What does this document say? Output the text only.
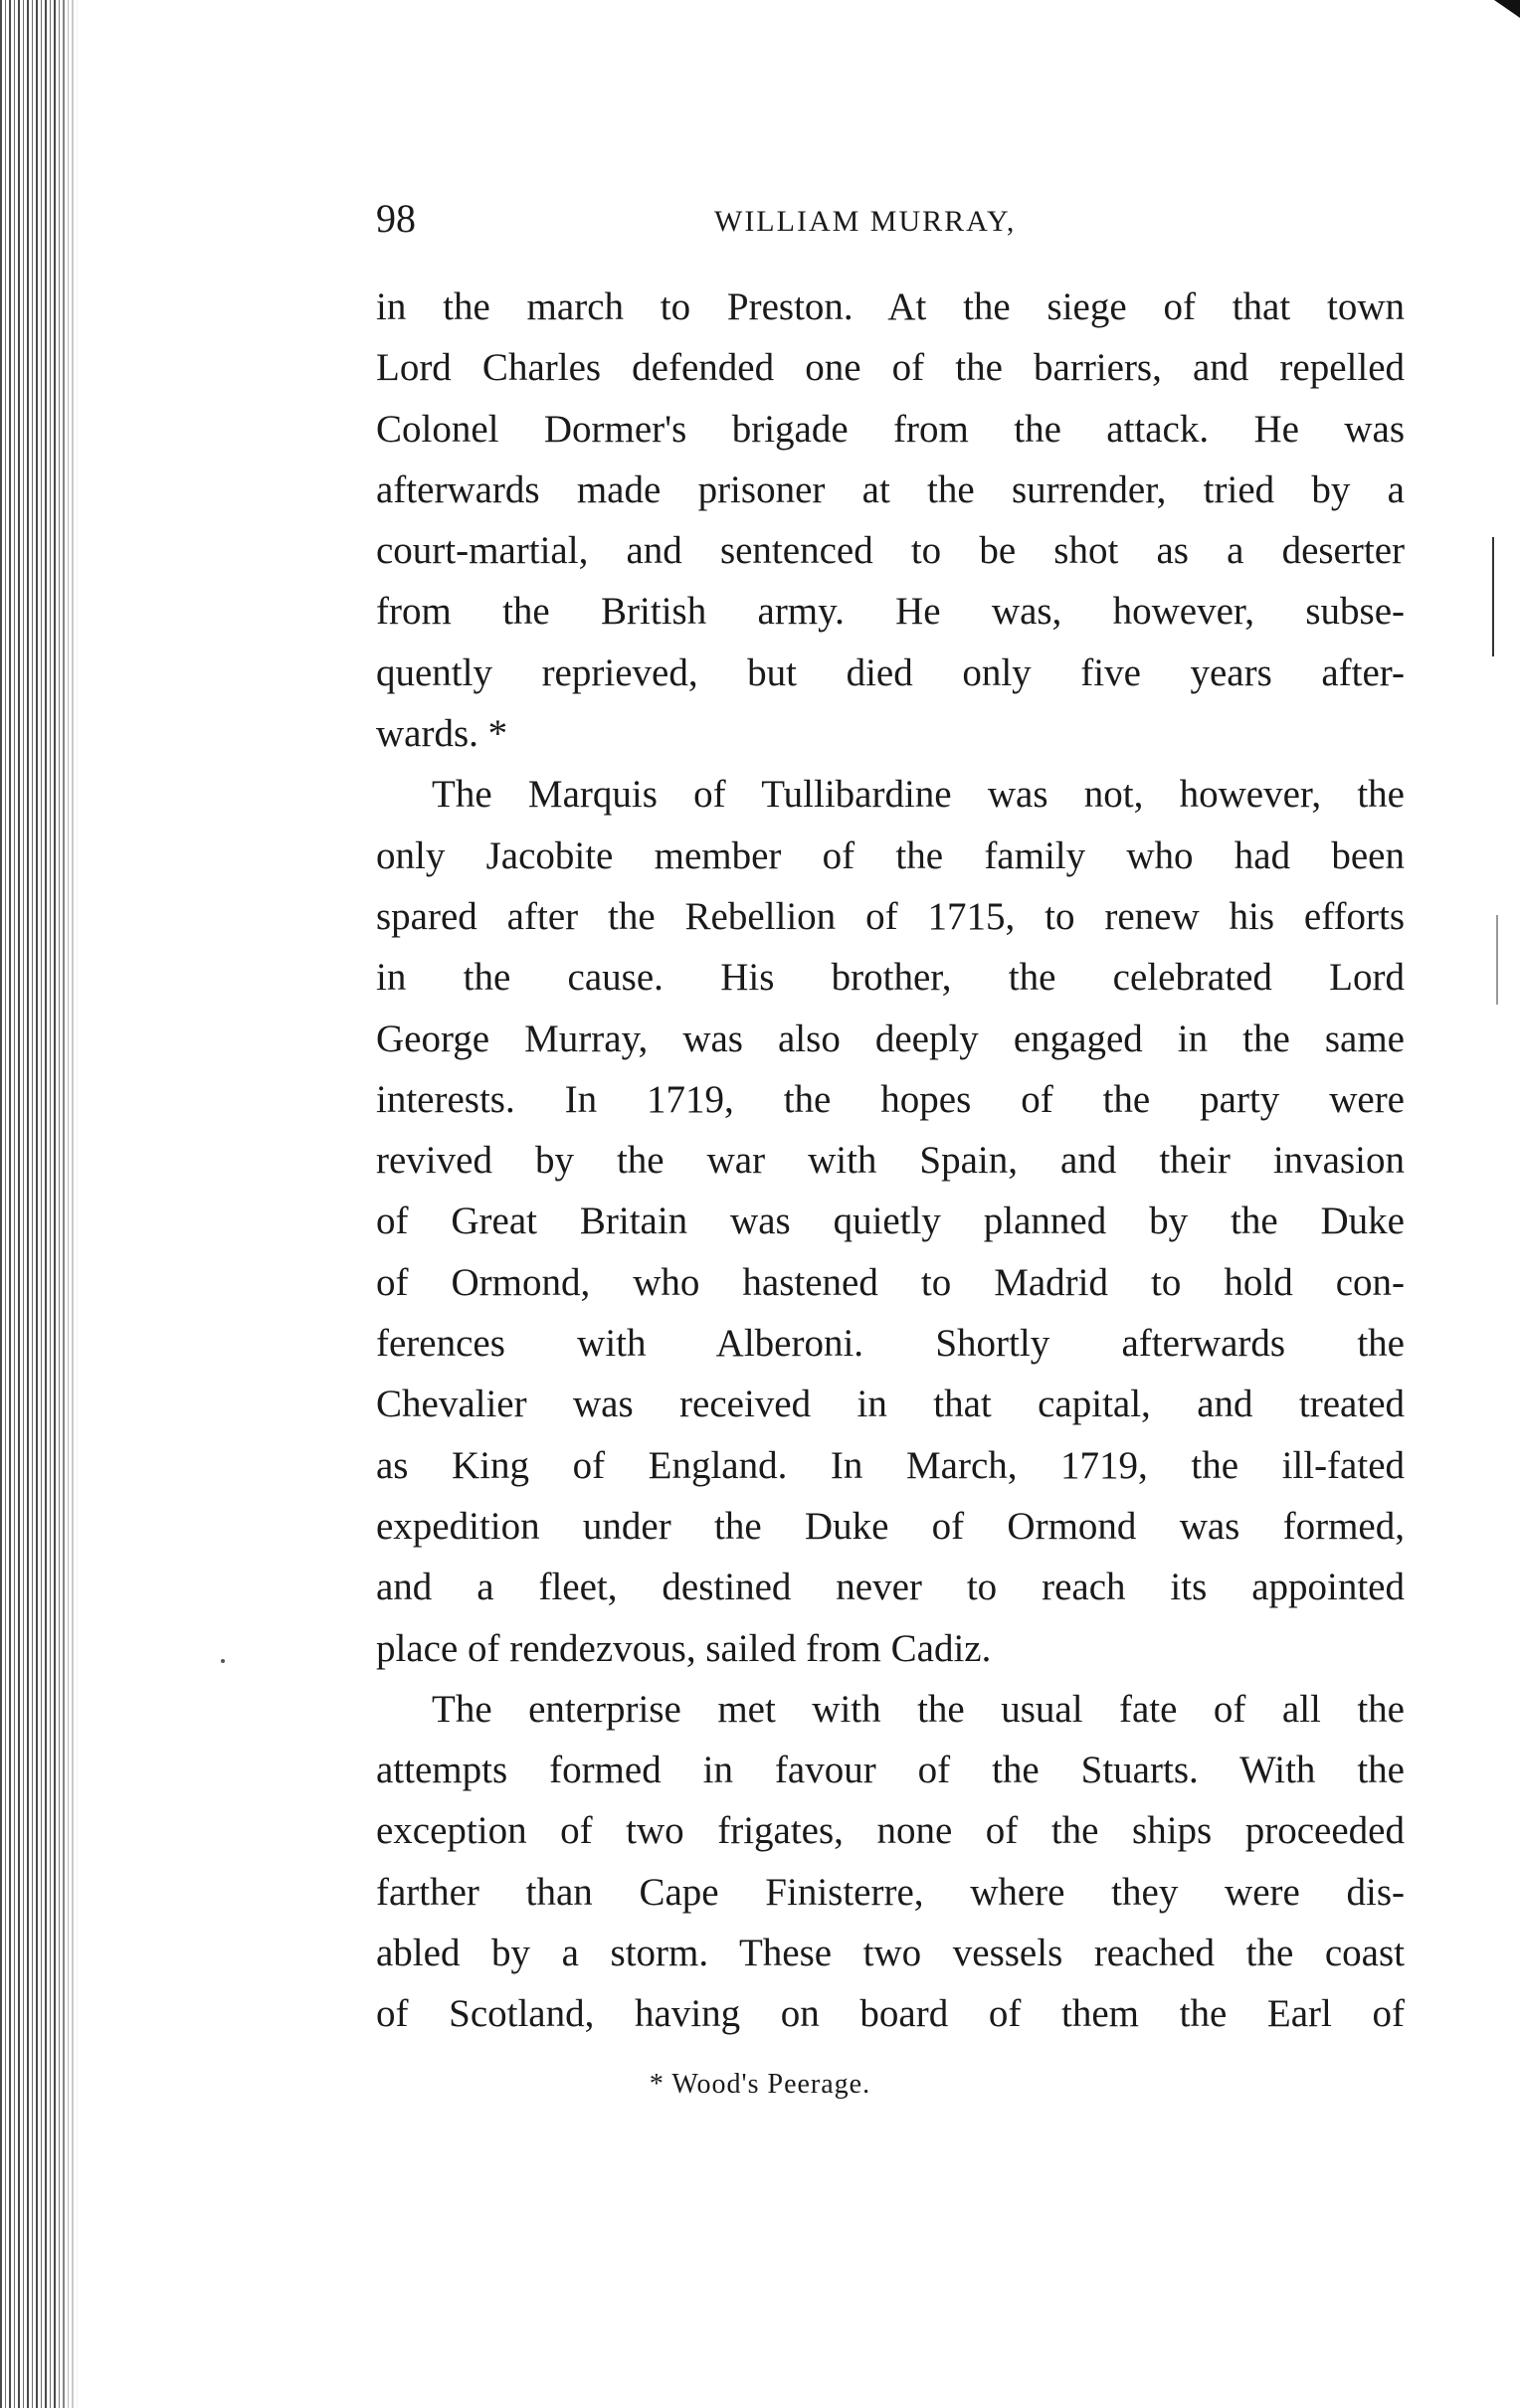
98	WILLIAM MURRAY,
in the march to Preston. At the siege of that town
Lord Charles defended one of the barriers, and repelled
Colonel Dormer's brigade from the attack. He was
afterwards made prisoner at the surrender, tried by a
court-martial, and sentenced to be shot as a deserter
from the British army. He was, however, subse-
quently reprieved, but died only five years after-
wards. *
The Marquis of Tullibardine was not, however, the
only Jacobite member of the family who had been
spared after the Rebellion of 1715, to renew his efforts
in the cause. His brother, the celebrated Lord
George Murray, was also deeply engaged in the same
interests. In 1719, the hopes of the party were
revived by the war with Spain, and their invasion
of Great Britain was quietly planned by the Duke
of Ormond, who hastened to Madrid to hold con-
ferences with Alberoni. Shortly afterwards the
Chevalier was received in that capital, and treated
as King of England. In March, 1719, the ill-fated
expedition under the Duke of Ormond was formed,
and a fleet, destined never to reach its appointed
place of rendezvous, sailed from Cadiz.
The enterprise met with the usual fate of all the
attempts formed in favour of the Stuarts. With the
exception of two frigates, none of the ships proceeded
farther than Cape Finisterre, where they were dis-
abled by a storm. These two vessels reached the coast
of Scotland, having on board of them the Earl of
* Wood's Peerage.
